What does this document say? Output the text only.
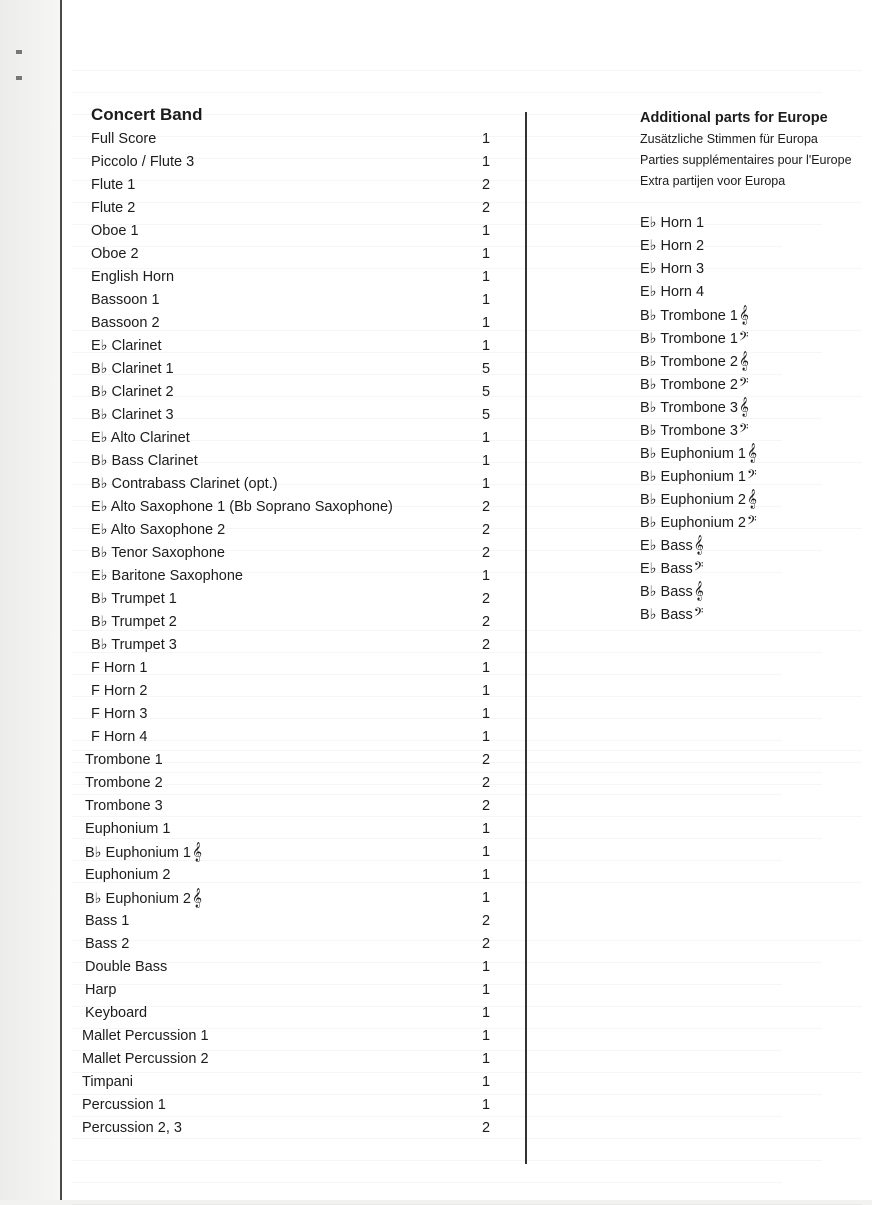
Concert Band
Full Score	1
Piccolo / Flute 3	1
Flute 1	2
Flute 2	2
Oboe 1	1
Oboe 2	1
English Horn	1
Bassoon 1	1
Bassoon 2	1
E♭ Clarinet	1
B♭ Clarinet 1	5
B♭ Clarinet 2	5
B♭ Clarinet 3	5
E♭ Alto Clarinet	1
B♭ Bass Clarinet	1
B♭ Contrabass Clarinet (opt.)	1
E♭ Alto Saxophone 1 (Bb Soprano Saxophone)	2
E♭ Alto Saxophone 2	2
B♭ Tenor Saxophone	2
E♭ Baritone Saxophone	1
B♭ Trumpet 1	2
B♭ Trumpet 2	2
B♭ Trumpet 3	2
F Horn 1	1
F Horn 2	1
F Horn 3	1
F Horn 4	1
Trombone 1	2
Trombone 2	2
Trombone 3	2
Euphonium 1	1
B♭ Euphonium 1𝄞	1
Euphonium 2	1
B♭ Euphonium 2𝄞	1
Bass 1	2
Bass 2	2
Double Bass	1
Harp	1
Keyboard	1
Mallet Percussion 1	1
Mallet Percussion 2	1
Timpani	1
Percussion 1	1
Percussion 2, 3	2
Additional parts for Europe
Zusätzliche Stimmen für Europa
Parties supplémentaires pour l'Europe
Extra partijen voor Europa
E♭ Horn 1
E♭ Horn 2
E♭ Horn 3
E♭ Horn 4
B♭ Trombone 1𝄞
B♭ Trombone 1𝄢
B♭ Trombone 2𝄞
B♭ Trombone 2𝄢
B♭ Trombone 3𝄞
B♭ Trombone 3𝄢
B♭ Euphonium 1𝄞
B♭ Euphonium 1𝄢
B♭ Euphonium 2𝄞
B♭ Euphonium 2𝄢
E♭ Bass𝄞
E♭ Bass𝄢
B♭ Bass𝄞
B♭ Bass𝄢
